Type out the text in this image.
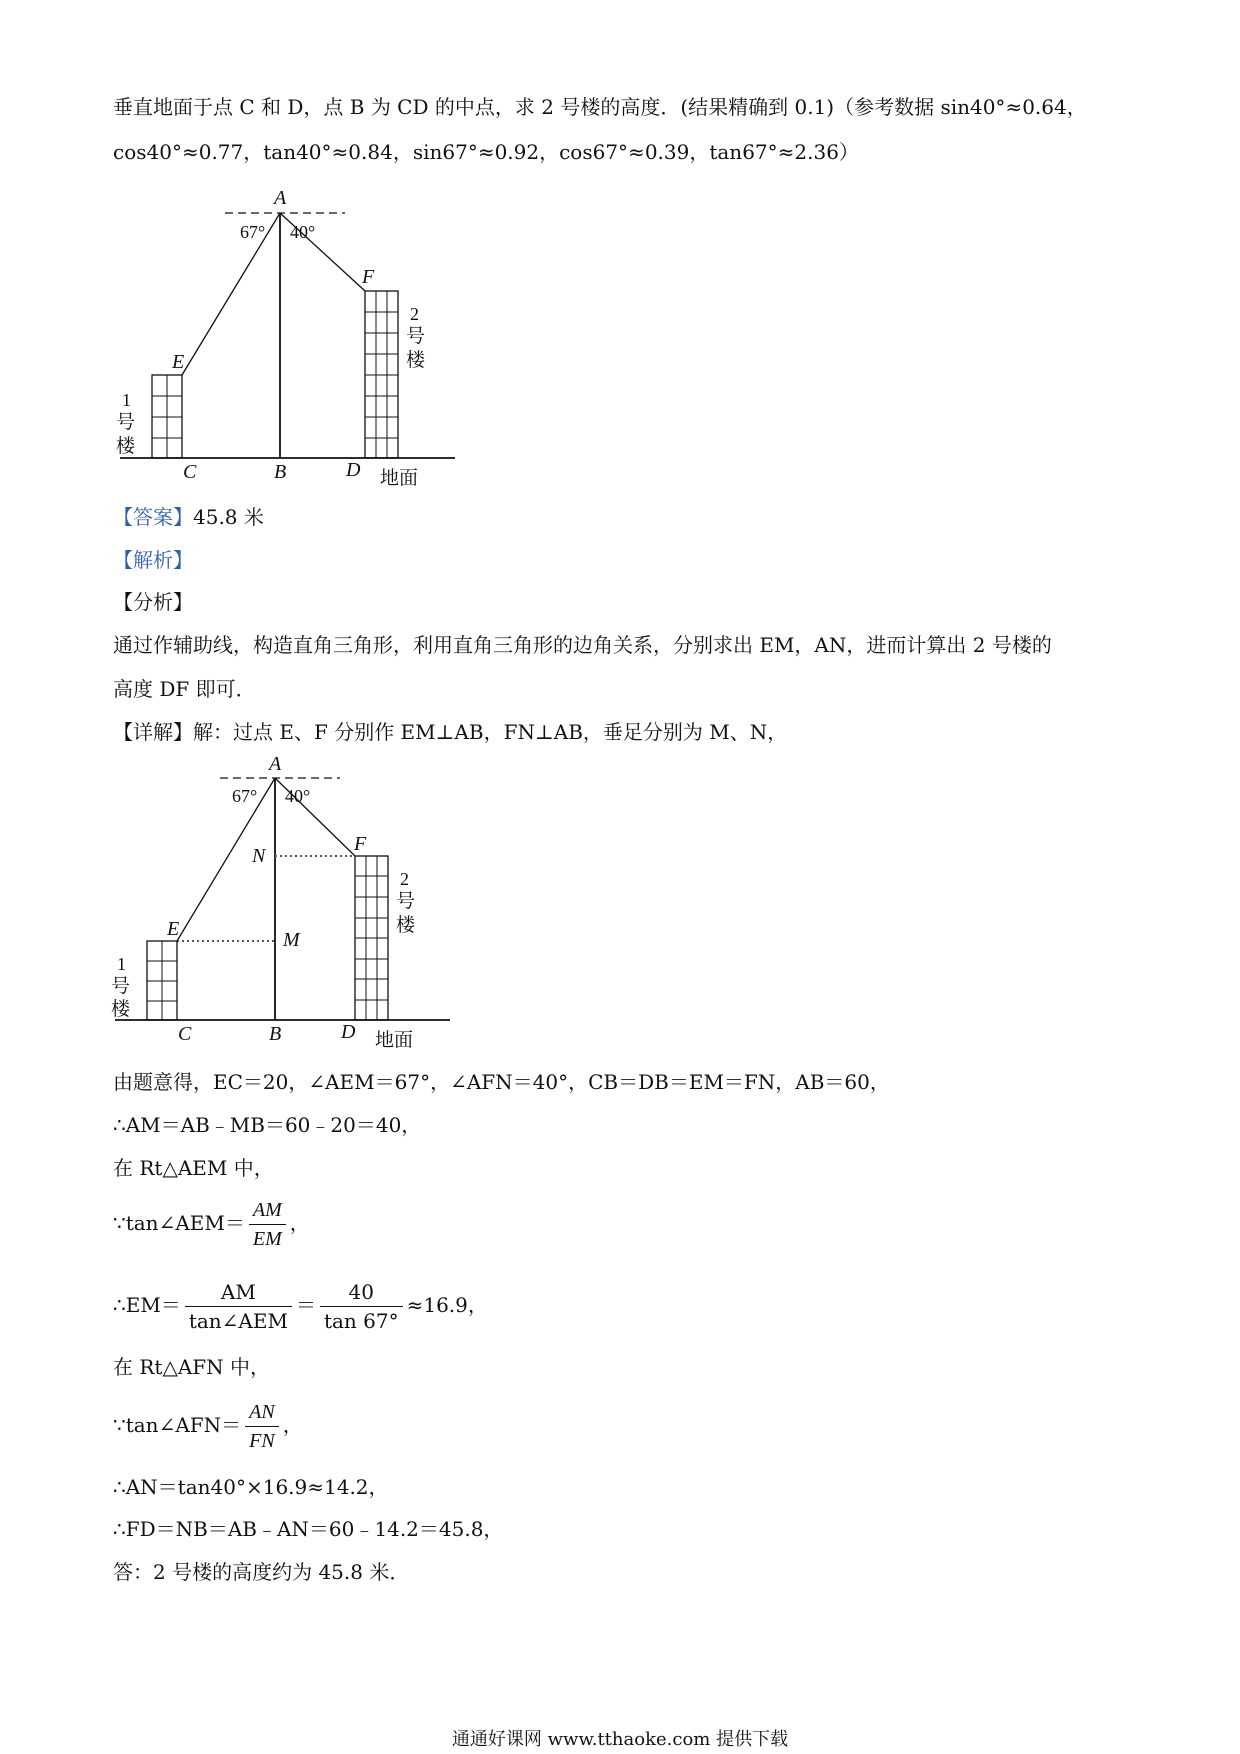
垂直地面于点 C 和 D，点 B 为 CD 的中点，求 2 号楼的高度．(结果精确到 0.1)（参考数据 sin40°≈0.64，
cos40°≈0.77，tan40°≈0.84，sin67°≈0.92，cos67°≈0.39，tan67°≈2.36）
A
67° 40°
E
F
C	B	D 地面
1
号
楼
2
号
楼
【答案】45.8 米
【解析】
【分析】
通过作辅助线，构造直角三角形，利用直角三角形的边角关系，分别求出 EM，AN，进而计算出 2 号楼的
高度 DF 即可．
【详解】解：过点 E、F 分别作 EM⊥AB，FN⊥AB，垂足分别为 M、N，
A
67° 40°
E
F
N
M
C	B	D 地面
1
号
楼
2
号
楼
由题意得，EC＝20，∠AEM＝67°，∠AFN＝40°，CB＝DB＝EM＝FN，AB＝60，
∴AM＝AB﹣MB＝60﹣20＝40，
在 Rt△AEM 中，
∵tan∠AEM＝ $\frac{AM}{EM}$ ，
∴EM＝ $\frac{AM}{\text{tan∠AEM}} = \frac{40}{\tan 67^\circ} \approx 16.9$，
在 Rt△AFN 中，
∵tan∠AFN＝ $\frac{AN}{FN}$ ，
∴AN＝tan40°×16.9≈14.2，
∴FD＝NB＝AB﹣AN＝60﹣14.2＝45.8，
答：2 号楼的高度约为 45.8 米．
通通好课网 www.tthaoke.com 提供下载
